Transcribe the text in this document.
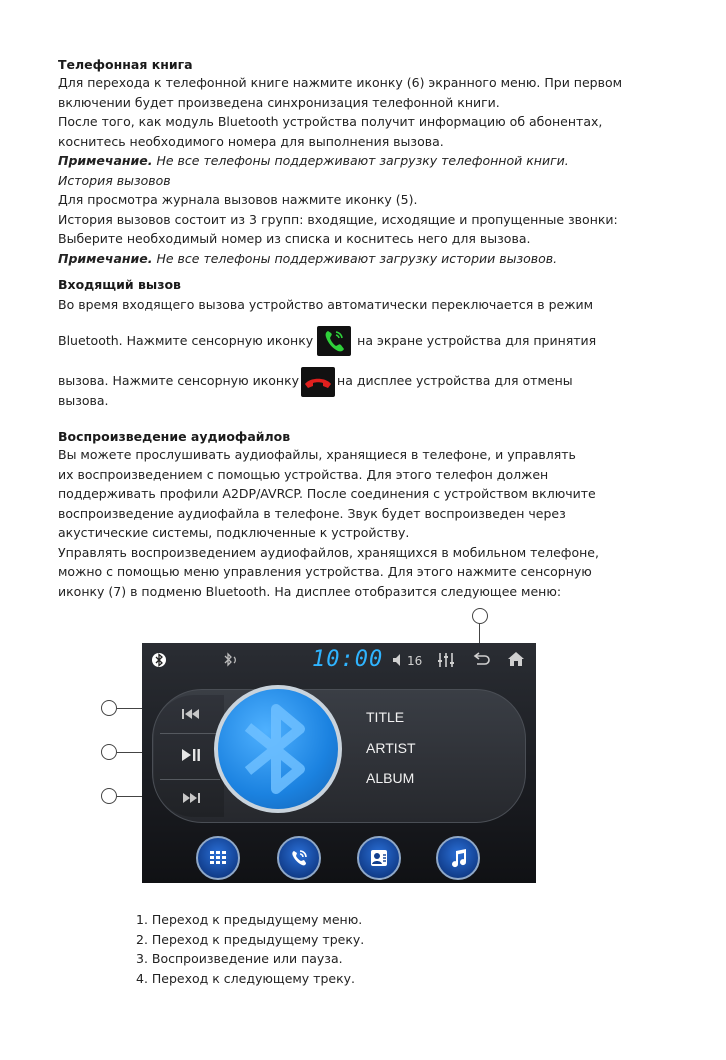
Телефонная книга

Для перехода к телефонной книге нажмите иконку (6) экранного меню. При первом

включении будет произведена синхронизация телефонной книги.

После того, как модуль Bluetooth устройства получит информацию об абонентах,

коснитесь необходимого номера для выполнения вызова.

Примечание. Не все телефоны поддерживают загрузку телефонной книги.

История вызовов

Для просмотра журнала вызовов нажмите иконку (5).

История вызовов состоит из 3 групп: входящие, исходящие и пропущенные звонки:

Выберите необходимый номер из списка и коснитесь него для вызова.

Примечание. Не все телефоны поддерживают загрузку истории вызовов.

Входящий вызов

Во время входящего вызова устройство автоматически переключается в режим

Bluetooth. Нажмите сенсорную иконку	на экране устройства для принятия

вызова. Нажмите сенсорную иконку	на дисплее устройства для отмены

вызова.

Воспроизведение аудиофайлов

Вы можете прослушивать аудиофайлы, хранящиеся в телефоне, и управлять

их воспроизведением с помощью устройства. Для этого телефон должен

поддерживать профили A2DP/AVRCP. После соединения с устройством включите

воспроизведение аудиофайла в телефоне. Звук будет воспроизведен через

акустические системы, подключенные к устройству.

Управлять воспроизведением аудиофайлов, хранящихся в мобильном телефоне,

можно с помощью меню управления устройства. Для этого нажмите сенсорную

иконку (7) в подменю Bluetooth. На дисплее отобразится следующее меню:

10:00 16
TITLE
ARTIST
ALBUM

1. Переход к предыдущему меню.

2. Переход к предыдущему треку.

3. Воспроизведение или пауза.

4. Переход к следующему треку.
